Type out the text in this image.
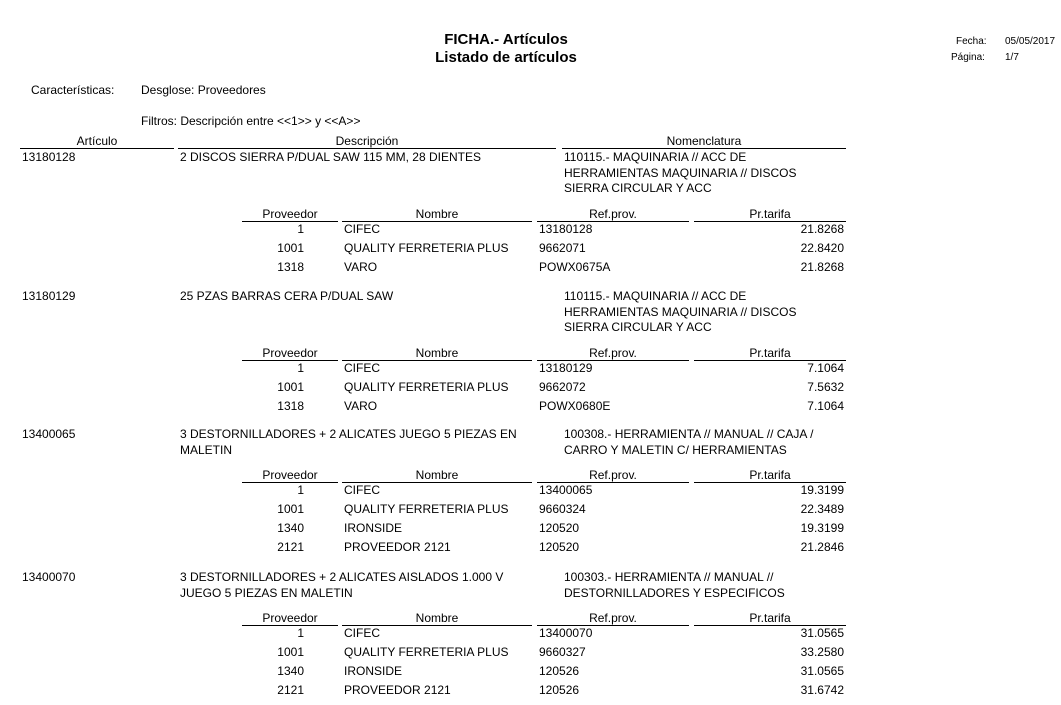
FICHA.- Artículos
Listado de artículos
Fecha: 05/05/2017
Página: 1/7
Características: Desglose: Proveedores
Filtros: Descripción entre <<1>> y <<A>>
Artículo	Descripción	Nomenclatura
13180128	2 DISCOS SIERRA P/DUAL SAW 115 MM, 28 DIENTES	110115.- MAQUINARIA // ACC DE
HERRAMIENTAS MAQUINARIA // DISCOS
SIERRA CIRCULAR Y ACC
Proveedor	Nombre	Ref.prov.	Pr.tarifa
1	CIFEC	13180128	21.8268
1001	QUALITY FERRETERIA PLUS	9662071	22.8420
1318	VARO	POWX0675A	21.8268
13180129	25 PZAS BARRAS CERA P/DUAL SAW	110115.- MAQUINARIA // ACC DE
HERRAMIENTAS MAQUINARIA // DISCOS
SIERRA CIRCULAR Y ACC
Proveedor	Nombre	Ref.prov.	Pr.tarifa
1	CIFEC	13180129	7.1064
1001	QUALITY FERRETERIA PLUS	9662072	7.5632
1318	VARO	POWX0680E	7.1064
13400065	3 DESTORNILLADORES + 2 ALICATES JUEGO 5 PIEZAS EN
MALETIN
100308.- HERRAMIENTA // MANUAL // CAJA /
CARRO Y MALETIN C/ HERRAMIENTAS
Proveedor	Nombre	Ref.prov.	Pr.tarifa
1	CIFEC	13400065	19.3199
1001	QUALITY FERRETERIA PLUS	9660324	22.3489
1340	IRONSIDE	120520	19.3199
2121	PROVEEDOR 2121	120520	21.2846
13400070	3 DESTORNILLADORES + 2 ALICATES AISLADOS 1.000 V
JUEGO 5 PIEZAS EN MALETIN
100303.- HERRAMIENTA // MANUAL //
DESTORNILLADORES Y ESPECIFICOS
Proveedor	Nombre	Ref.prov.	Pr.tarifa
1	CIFEC	13400070	31.0565
1001	QUALITY FERRETERIA PLUS	9660327	33.2580
1340	IRONSIDE	120526	31.0565
2121	PROVEEDOR 2121	120526	31.6742
